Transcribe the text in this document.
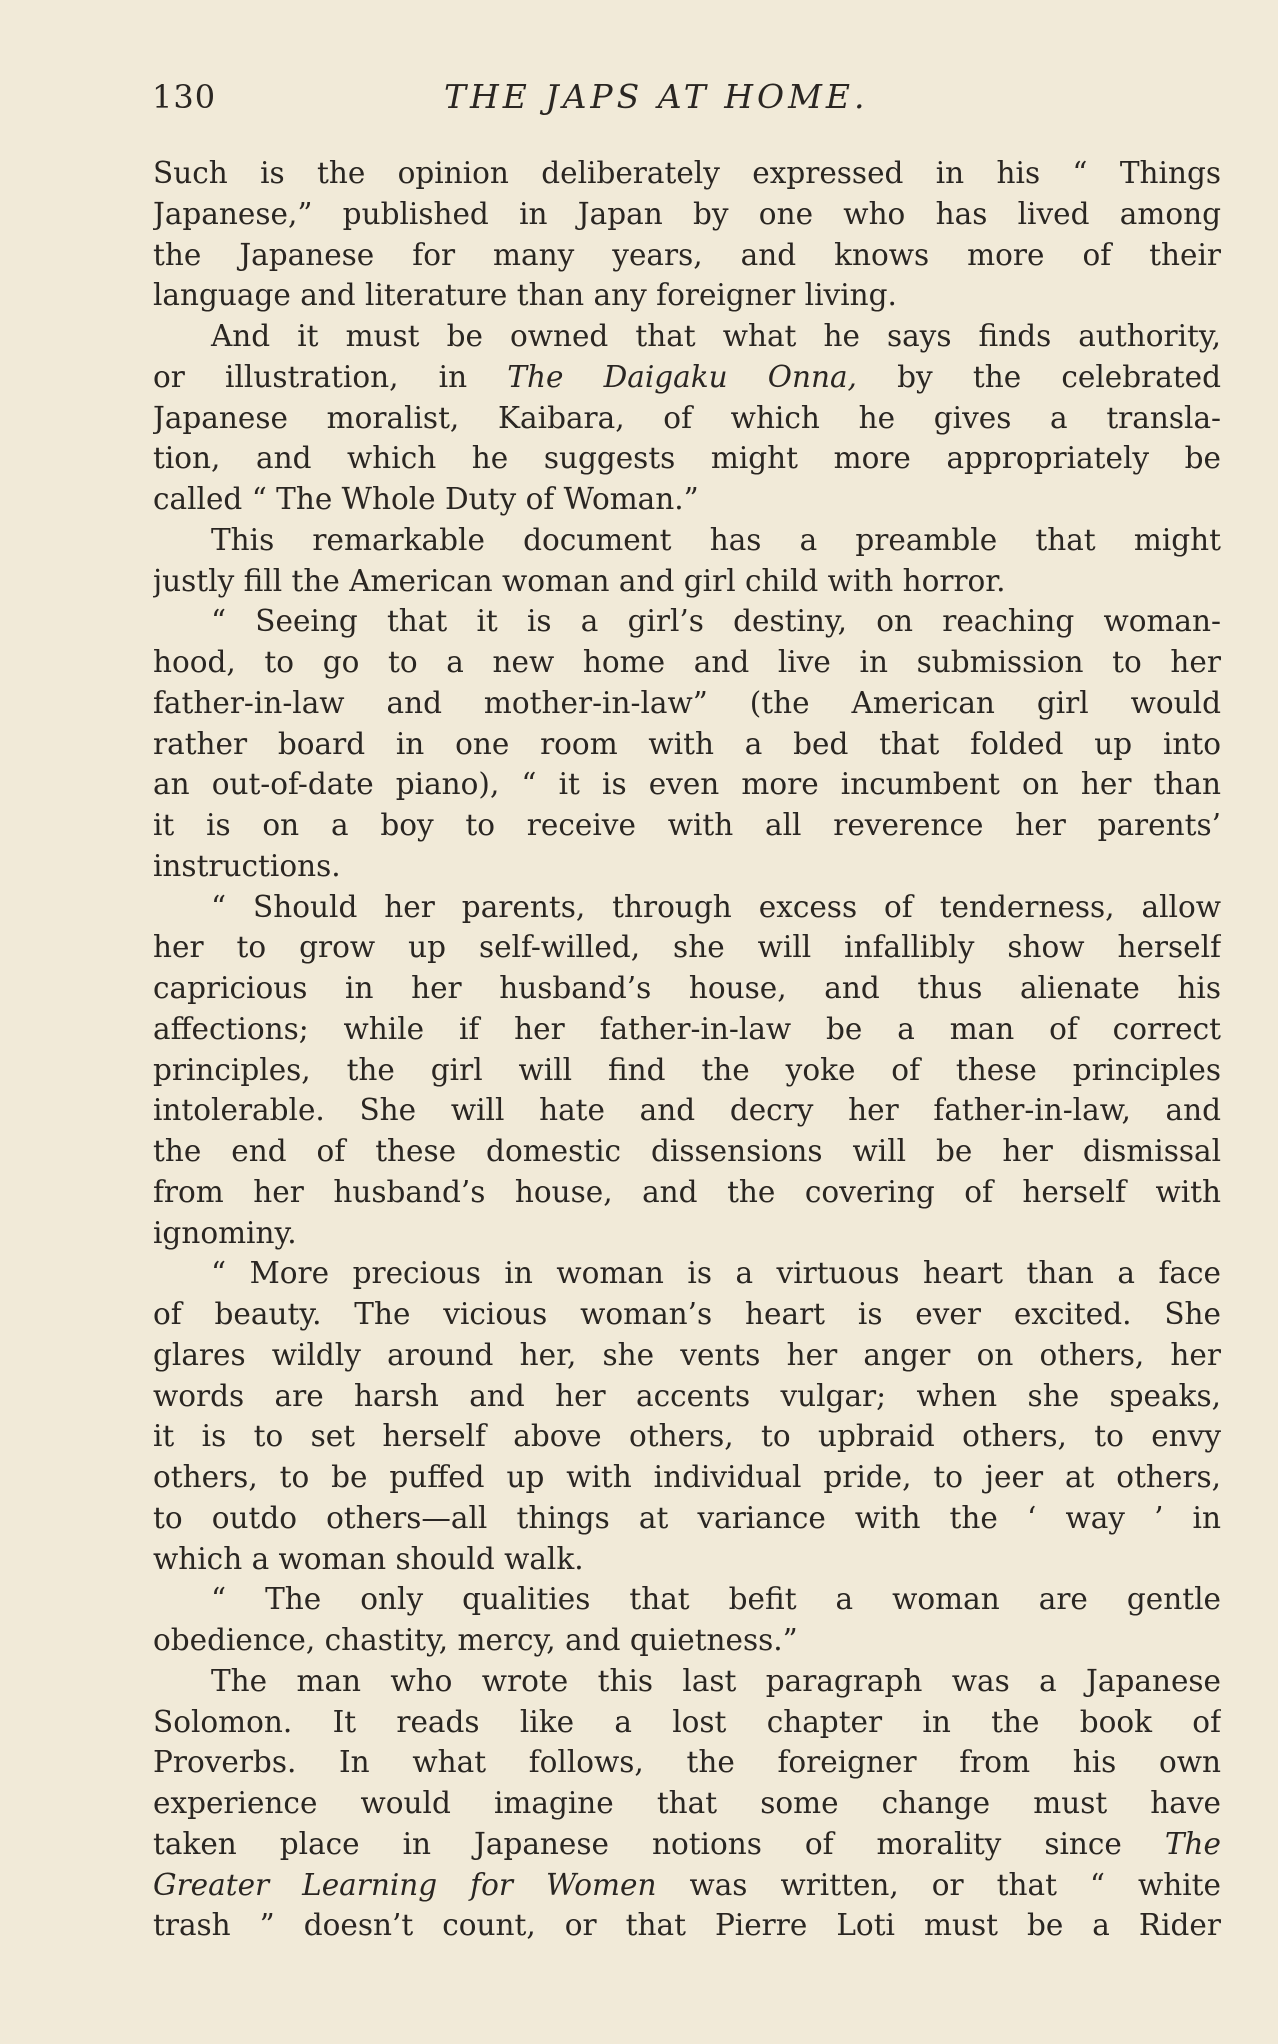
130	THE JAPS AT HOME.
Such is the opinion deliberately expressed in his “ Things
Japanese,” published in Japan by one who has lived among
the Japanese for many years, and knows more of their
language and literature than any foreigner living.
And it must be owned that what he says finds authority,
or illustration, in The Daigaku Onna, by the celebrated
Japanese moralist, Kaibara, of which he gives a transla-
tion, and which he suggests might more appropriately be
called “ The Whole Duty of Woman.”
This remarkable document has a preamble that might
justly fill the American woman and girl child with horror.
“ Seeing that it is a girl’s destiny, on reaching woman-
hood, to go to a new home and live in submission to her
father-in-law and mother-in-law” (the American girl would
rather board in one room with a bed that folded up into
an out-of-date piano), “ it is even more incumbent on her than
it is on a boy to receive with all reverence her parents’
instructions.
“ Should her parents, through excess of tenderness, allow
her to grow up self-willed, she will infallibly show herself
capricious in her husband’s house, and thus alienate his
affections; while if her father-in-law be a man of correct
principles, the girl will find the yoke of these principles
intolerable. She will hate and decry her father-in-law, and
the end of these domestic dissensions will be her dismissal
from her husband’s house, and the covering of herself with
ignominy.
“ More precious in woman is a virtuous heart than a face
of beauty. The vicious woman’s heart is ever excited. She
glares wildly around her, she vents her anger on others, her
words are harsh and her accents vulgar; when she speaks,
it is to set herself above others, to upbraid others, to envy
others, to be puffed up with individual pride, to jeer at others,
to outdo others—all things at variance with the ‘ way ’ in
which a woman should walk.
“ The only qualities that befit a woman are gentle
obedience, chastity, mercy, and quietness.”
The man who wrote this last paragraph was a Japanese
Solomon. It reads like a lost chapter in the book of
Proverbs. In what follows, the foreigner from his own
experience would imagine that some change must have
taken place in Japanese notions of morality since The
Greater Learning for Women was written, or that “ white
trash ” doesn’t count, or that Pierre Loti must be a Rider
